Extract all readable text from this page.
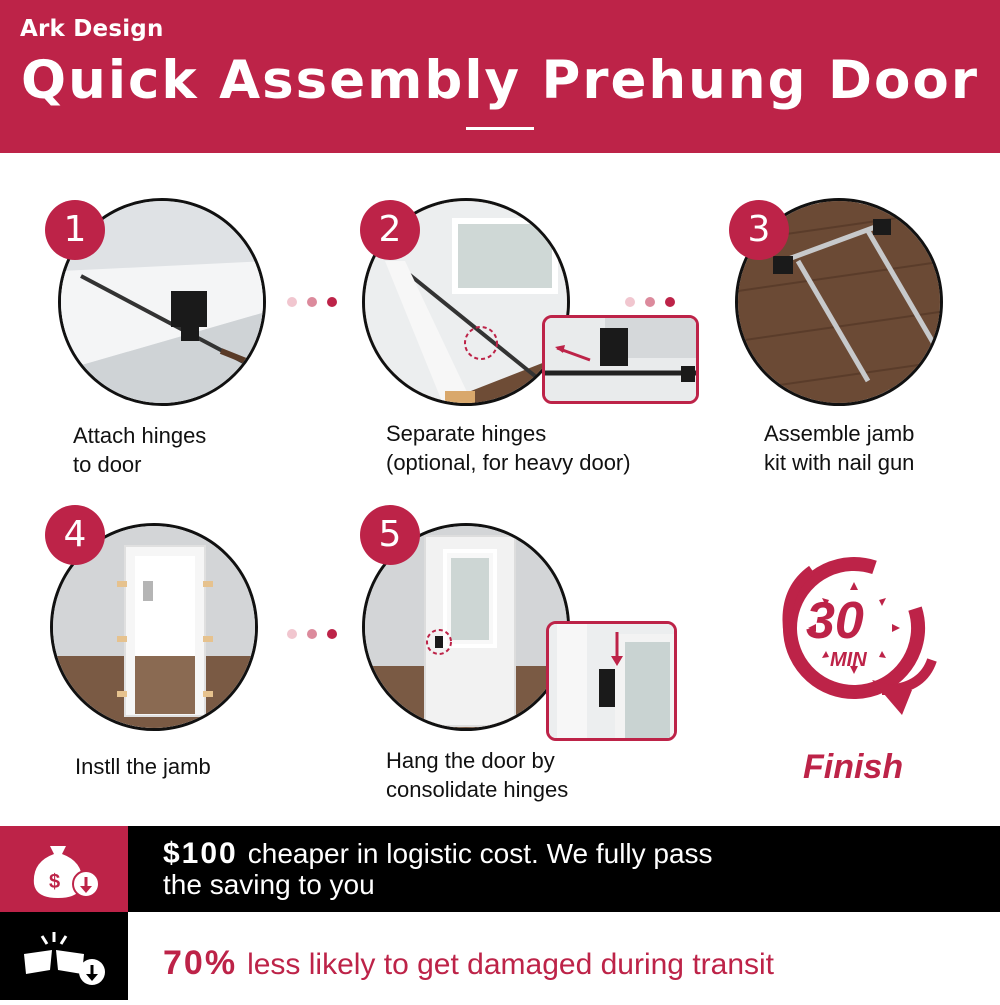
Ark Design
Quick Assembly Prehung Door
1
Attach hinges
to door
2
Separate hinges
(optional, for heavy door)
3
Assemble jamb
kit with nail gun
4
Instll the jamb
5
Hang the door by
consolidate hinges
30
MIN
Finish
$
$100 cheaper in logistic cost. We fully pass
the saving to you
70% less likely to get damaged during transit
